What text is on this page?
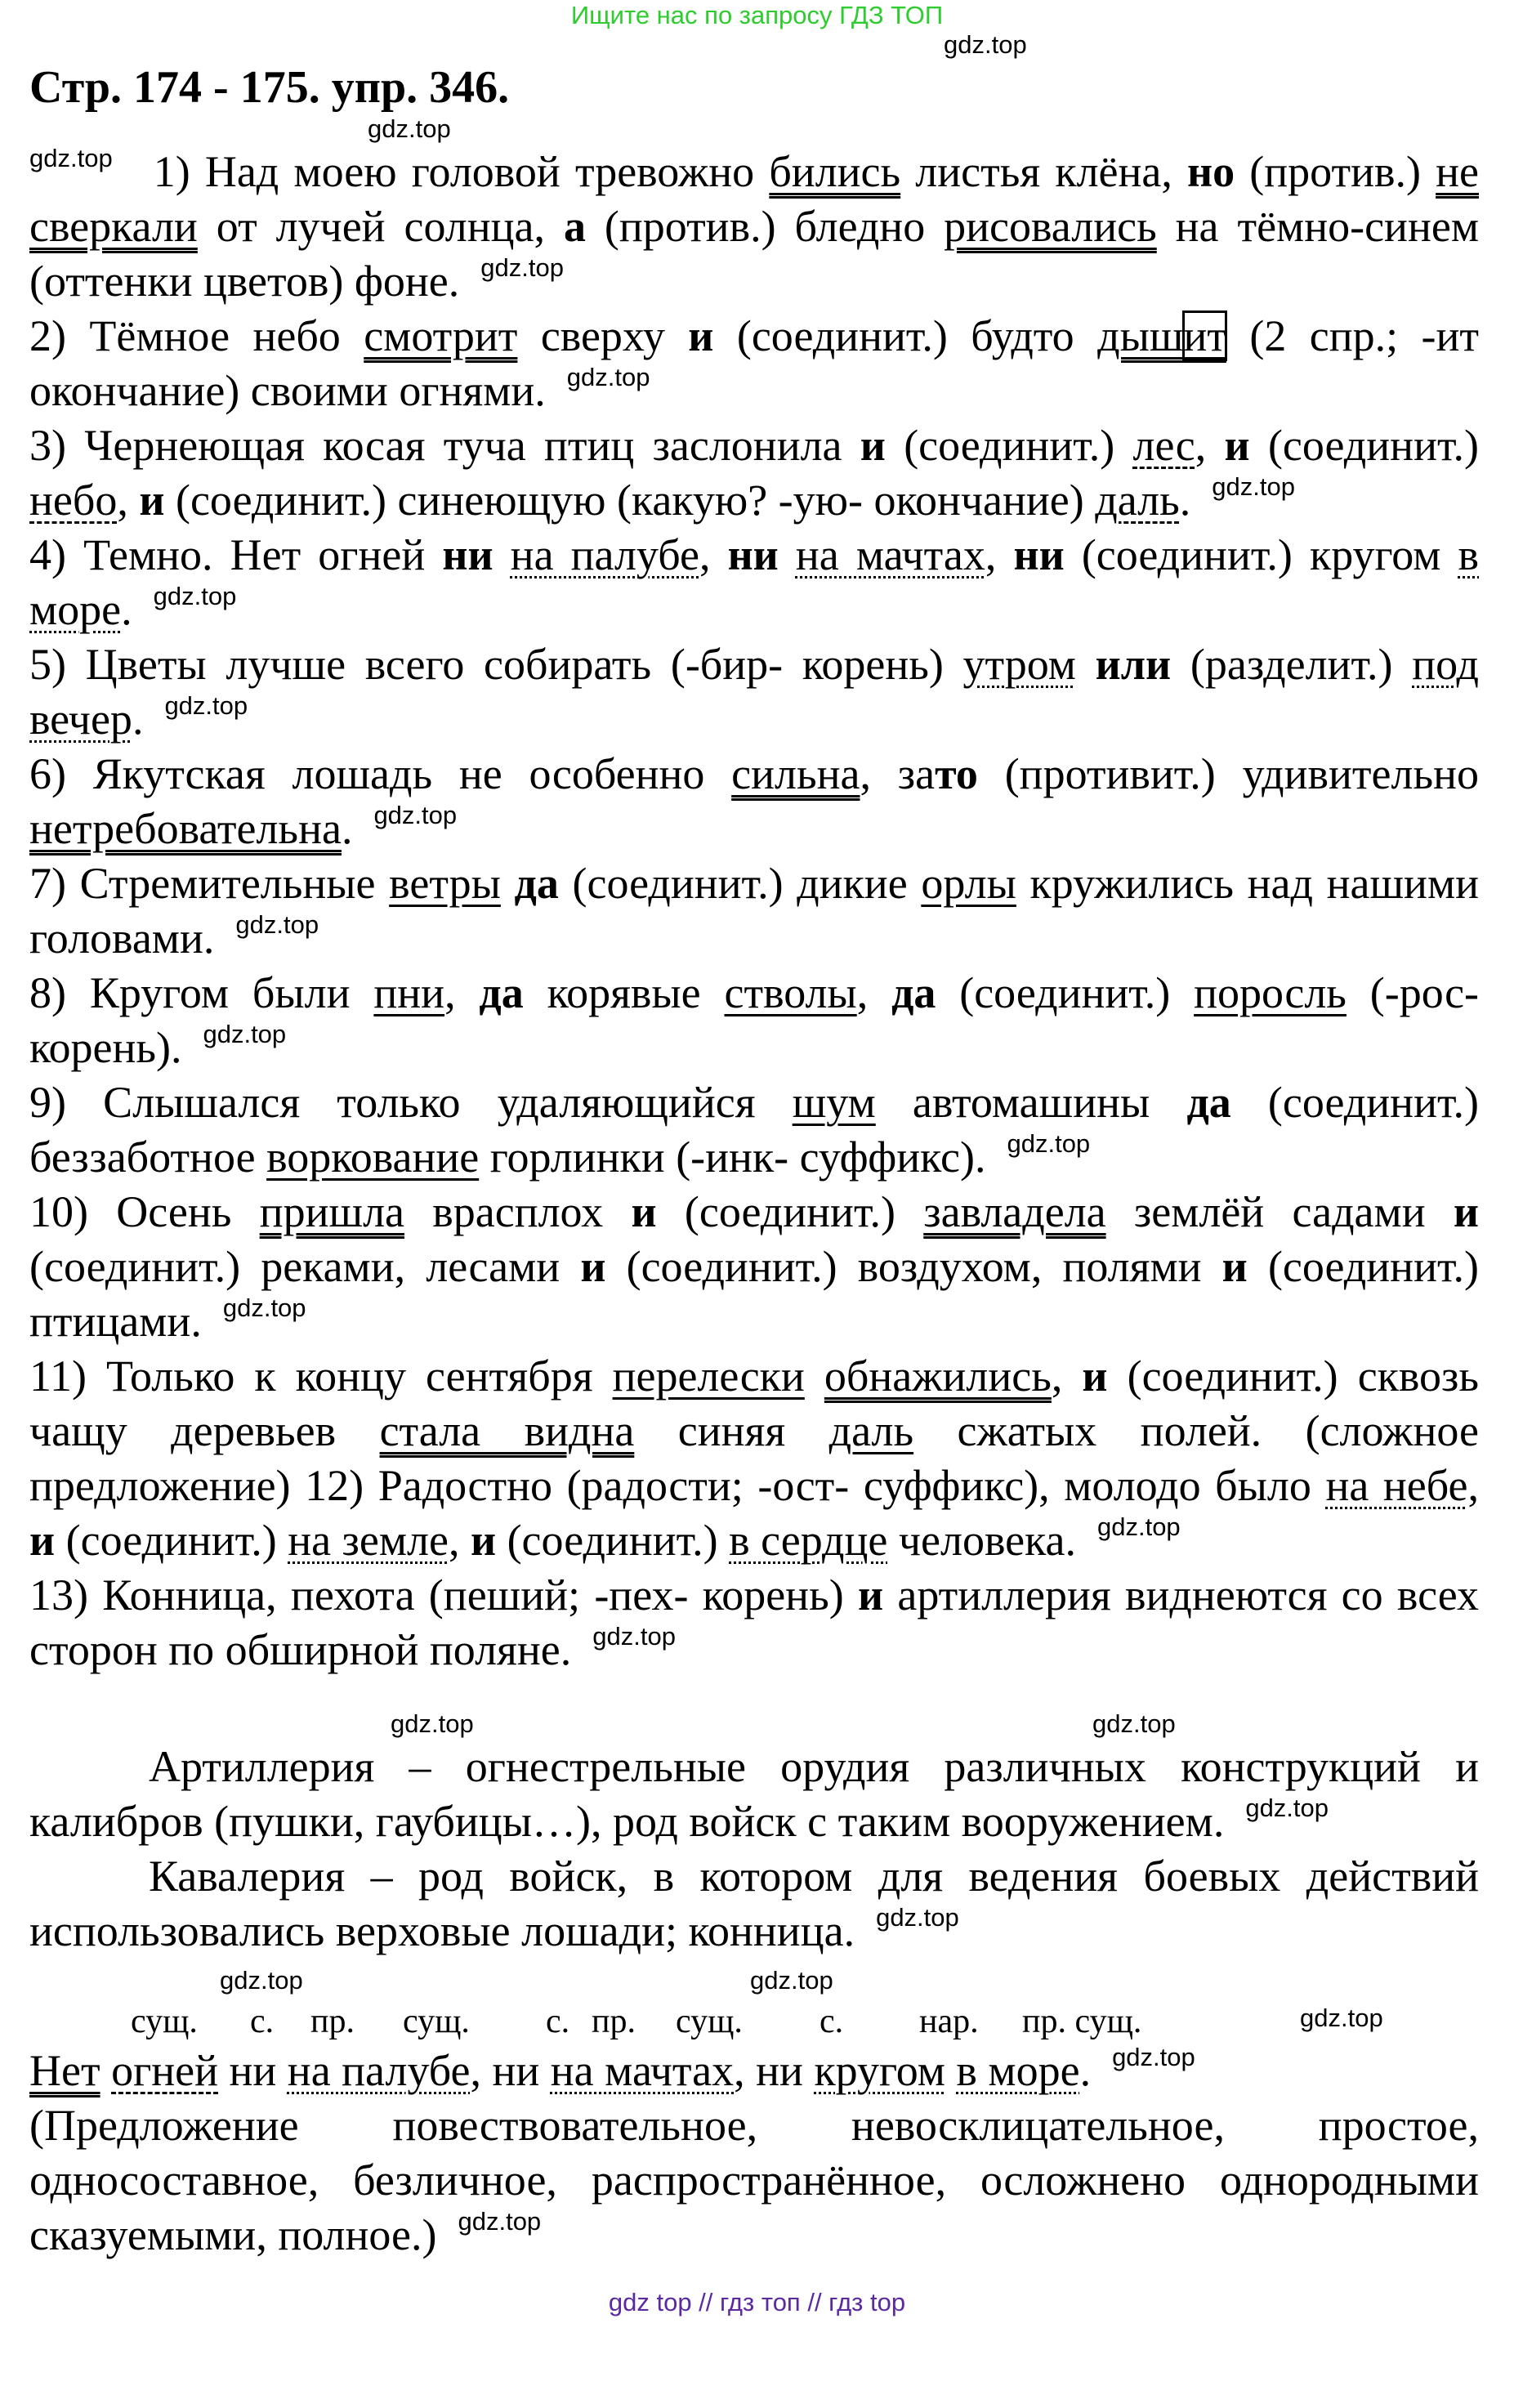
Ищите нас по запросу ГДЗ ТОП
gdz.top
Стр. 174 - 175. упр. 346.
gdz.top

gdz.top 1) Над моею головой тревожно бились листья клёна, но (против.) не сверкали от лучей солнца, а (против.) бледно рисовались на тёмно-синем (оттенки цветов) фоне. gdz.top

2) Тёмное небо смотрит сверху и (соединит.) будто дышит (2 спр.; -ит окончание) своими огнями. gdz.top

3) Чернеющая косая туча птиц заслонила и (соединит.) лес, и (соединит.) небо, и (соединит.) синеющую (какую? -ую- окончание) даль. gdz.top

4) Темно. Нет огней ни на палубе, ни на мачтах, ни (соединит.) кругом в море. gdz.top

5) Цветы лучше всего собирать (-бир- корень) утром или (разделит.) под вечер. gdz.top

6) Якутская лошадь не особенно сильна, зато (противит.) удивительно нетребовательна. gdz.top

7) Стремительные ветры да (соединит.) дикие орлы кружились над нашими головами. gdz.top

8) Кругом были пни, да корявые стволы, да (соединит.) поросль (-рос- корень). gdz.top

9) Слышался только удаляющийся шум автомашины да (соединит.) беззаботное воркование горлинки (-инк- суффикс). gdz.top

10) Осень пришла врасплох и (соединит.) завладела землёй садами и (соединит.) реками, лесами и (соединит.) воздухом, полями и (соединит.) птицами. gdz.top

11) Только к концу сентября перелески обнажились, и (соединит.) сквозь чащу деревьев стала видна синяя даль сжатых полей. (сложное предложение) 12) Радостно (радости; -ост- суффикс), молодо было на небе, и (соединит.) на земле, и (соединит.) в сердце человека. gdz.top

13) Конница, пехота (пеший; -пех- корень) и артиллерия виднеются со всех сторон по обширной поляне. gdz.top

gdz.top	gdz.top

Артиллерия – огнестрельные орудия различных конструкций и калибров (пушки, гаубицы…), род войск с таким вооружением. gdz.top

Кавалерия – род войск, в котором для ведения боевых действий использовались верховые лошади; конница. gdz.top

gdz.top	gdz.top
сущ. с. пр. сущ. с. пр. сущ. с. нар. пр. сущ.	gdz.top

Нет огней ни на палубе, ни на мачтах, ни кругом в море. gdz.top

(Предложение повествовательное, невосклицательное, простое, односоставное, безличное, распространённое, осложнено однородными сказуемыми, полное.) gdz.top

gdz top // гдз топ // гдз top
